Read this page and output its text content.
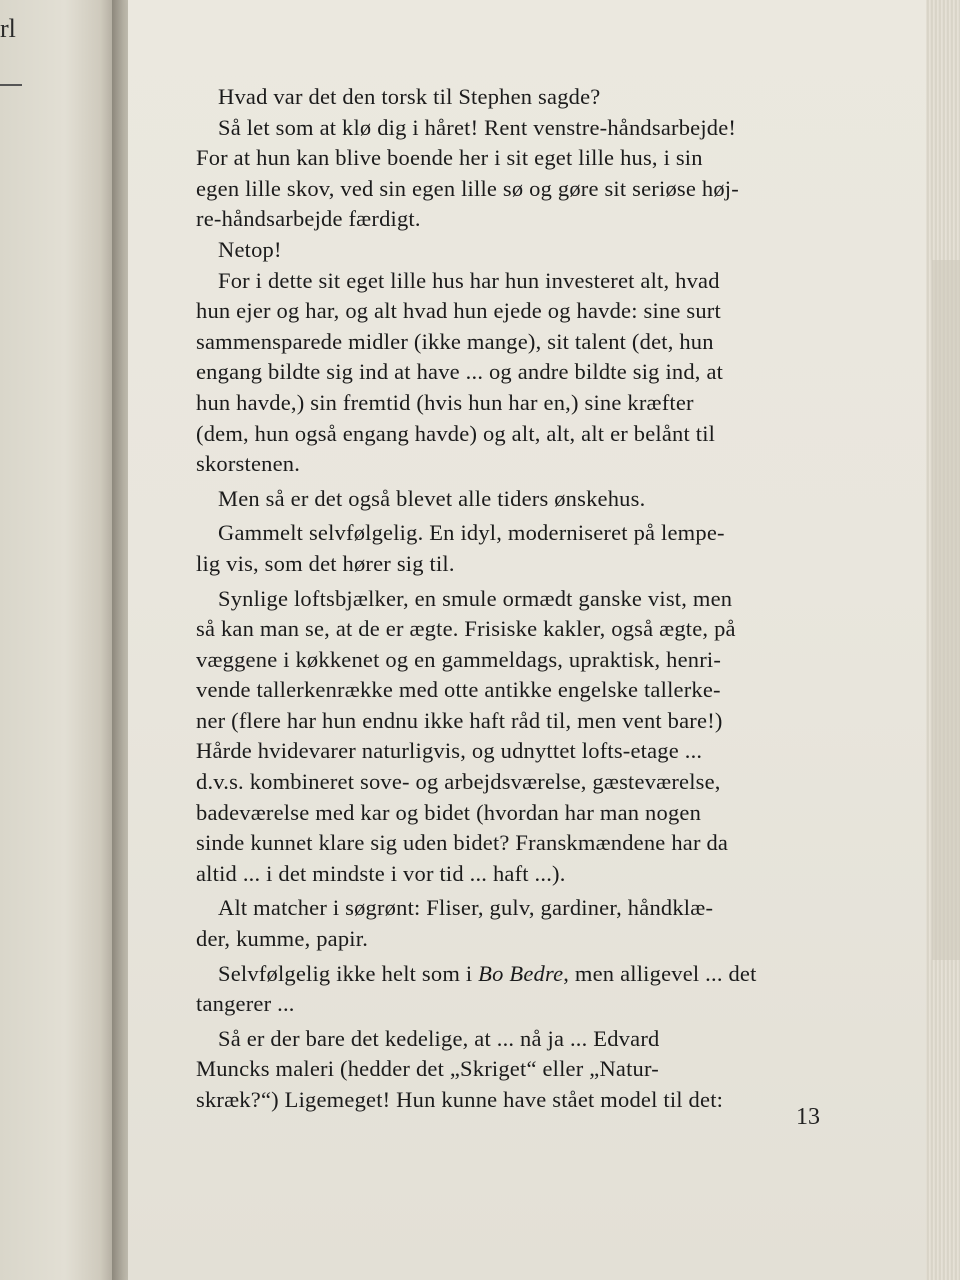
rl

Hvad var det den torsk til Stephen sagde?

Så let som at klø dig i håret! Rent venstre-håndsarbejde!
For at hun kan blive boende her i sit eget lille hus, i sin
egen lille skov, ved sin egen lille sø og gøre sit seriøse høj-
re-håndsarbejde færdigt.

Netop!

For i dette sit eget lille hus har hun investeret alt, hvad
hun ejer og har, og alt hvad hun ejede og havde: sine surt
sammensparede midler (ikke mange), sit talent (det, hun
engang bildte sig ind at have ... og andre bildte sig ind, at
hun havde,) sin fremtid (hvis hun har en,) sine kræfter
(dem, hun også engang havde) og alt, alt, alt er belånt til
skorstenen.

Men så er det også blevet alle tiders ønskehus.

Gammelt selvfølgelig. En idyl, moderniseret på lempe-
lig vis, som det hører sig til.

Synlige loftsbjælker, en smule ormædt ganske vist, men
så kan man se, at de er ægte. Frisiske kakler, også ægte, på
væggene i køkkenet og en gammeldags, upraktisk, henri-
vende tallerkenrække med otte antikke engelske tallerke-
ner (flere har hun endnu ikke haft råd til, men vent bare!)
Hårde hvidevarer naturligvis, og udnyttet lofts-etage ...
d.v.s. kombineret sove- og arbejdsværelse, gæsteværelse,
badeværelse med kar og bidet (hvordan har man nogen
sinde kunnet klare sig uden bidet? Franskmændene har da
altid ... i det mindste i vor tid ... haft ...).

Alt matcher i søgrønt: Fliser, gulv, gardiner, håndklæ-
der, kumme, papir.

Selvfølgelig ikke helt som i Bo Bedre, men alligevel ... det
tangerer ...

Så er der bare det kedelige, at ... nå ja ... Edvard
Muncks maleri (hedder det „Skriget“ eller „Natur-
skræk?“) Ligemeget! Hun kunne have stået model til det:

13
